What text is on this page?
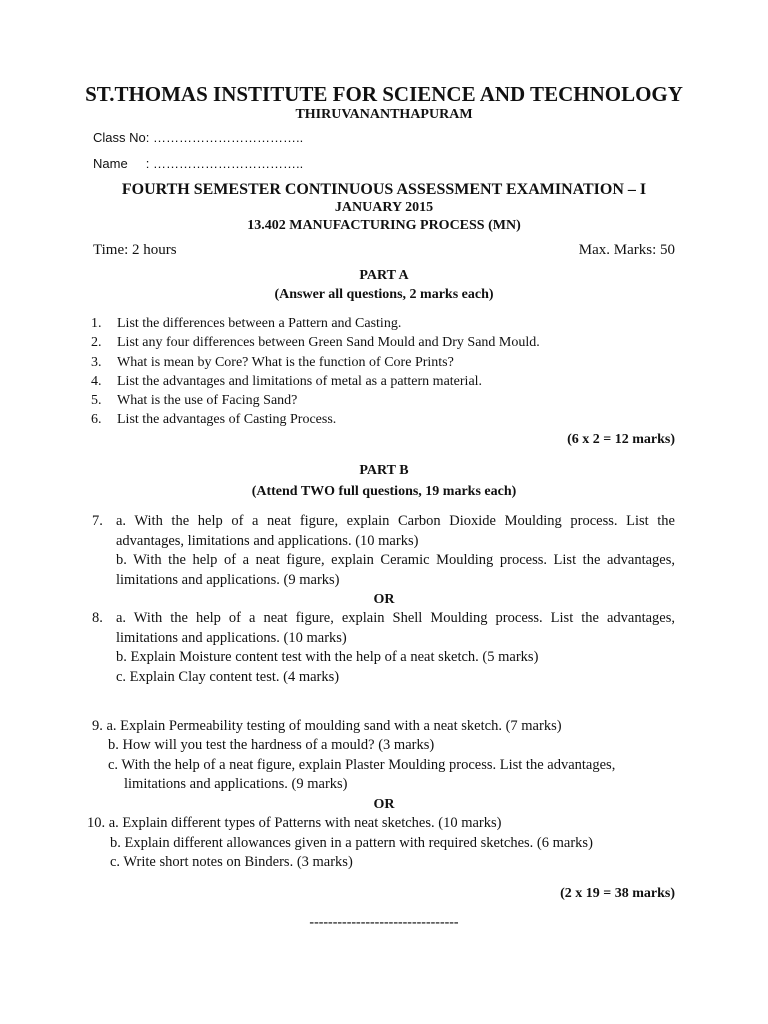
ST.THOMAS INSTITUTE FOR SCIENCE AND TECHNOLOGY
THIRUVANANTHAPURAM
Class No: ……………………………..
Name     : ……………………………..
FOURTH SEMESTER CONTINUOUS ASSESSMENT EXAMINATION – I
JANUARY 2015
13.402 MANUFACTURING PROCESS (MN)
Time: 2 hours	Max. Marks: 50
PART A
(Answer all questions, 2 marks each)
1. List the differences between a Pattern and Casting.
2. List any four differences between Green Sand Mould and Dry Sand Mould.
3. What is mean by Core? What is the function of Core Prints?
4. List the advantages and limitations of metal as a pattern material.
5. What is the use of Facing Sand?
6. List the advantages of Casting Process.
(6 x 2 = 12 marks)
PART B
(Attend TWO full questions, 19 marks each)
7. a. With the help of a neat figure, explain Carbon Dioxide Moulding process. List the
advantages, limitations and applications. (10 marks)
b. With the help of a neat figure, explain Ceramic Moulding process. List the advantages,
limitations and applications. (9 marks)
OR
8. a. With the help of a neat figure, explain Shell Moulding process. List the advantages,
limitations and applications. (10 marks)
b. Explain Moisture content test with the help of a neat sketch. (5 marks)
c. Explain Clay content test. (4 marks)
9. a. Explain Permeability testing of moulding sand with a neat sketch. (7 marks)
b. How will you test the hardness of a mould? (3 marks)
c. With the help of a neat figure, explain Plaster Moulding process. List the advantages,
limitations and applications. (9 marks)
OR
10. a. Explain different types of Patterns with neat sketches. (10 marks)
b. Explain different allowances given in a pattern with required sketches. (6 marks)
c. Write short notes on Binders. (3 marks)
(2 x 19 = 38 marks)
--------------------------------
